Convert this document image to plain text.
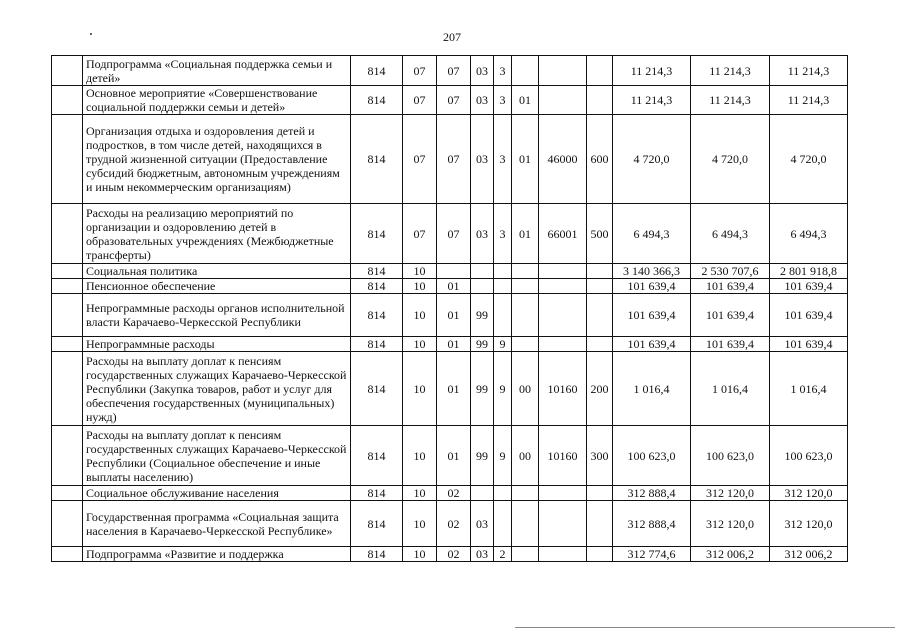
207
	Подпрограмма «Социальная поддержка семьи и детей»	814	07	07	03	3				11 214,3	11 214,3	11 214,3
	Основное мероприятие «Совершенствование социальной поддержки семьи и детей»	814	07	07	03	3	01			11 214,3	11 214,3	11 214,3
	Организация отдыха и оздоровления детей и подростков, в том числе детей, находящихся в трудной жизненной ситуации (Предоставление субсидий бюджетным, автономным учреждениям и иным некоммерческим организациям)	814	07	07	03	3	01	46000	600	4 720,0	4 720,0	4 720,0
	Расходы на реализацию мероприятий по организации и оздоровлению детей в образовательных учреждениях (Межбюджетные трансферты)	814	07	07	03	3	01	66001	500	6 494,3	6 494,3	6 494,3
	Социальная политика	814	10							3 140 366,3	2 530 707,6	2 801 918,8
	Пенсионное обеспечение	814	10	01						101 639,4	101 639,4	101 639,4
	Непрограммные расходы органов исполнительной власти Карачаево-Черкесской Республики	814	10	01	99					101 639,4	101 639,4	101 639,4
	Непрограммные расходы	814	10	01	99	9				101 639,4	101 639,4	101 639,4
	Расходы на выплату доплат к пенсиям государственных служащих Карачаево-Черкесской Республики (Закупка товаров, работ и услуг для обеспечения государственных (муниципальных) нужд)	814	10	01	99	9	00	10160	200	1 016,4	1 016,4	1 016,4
	Расходы на выплату доплат к пенсиям государственных служащих Карачаево-Черкесской Республики (Социальное обеспечение и иные выплаты населению)	814	10	01	99	9	00	10160	300	100 623,0	100 623,0	100 623,0
	Социальное обслуживание населения	814	10	02						312 888,4	312 120,0	312 120,0
	Государственная программа «Социальная защита населения в Карачаево-Черкесской Республике»	814	10	02	03					312 888,4	312 120,0	312 120,0
	Подпрограмма «Развитие и поддержка	814	10	02	03	2				312 774,6	312 006,2	312 006,2
